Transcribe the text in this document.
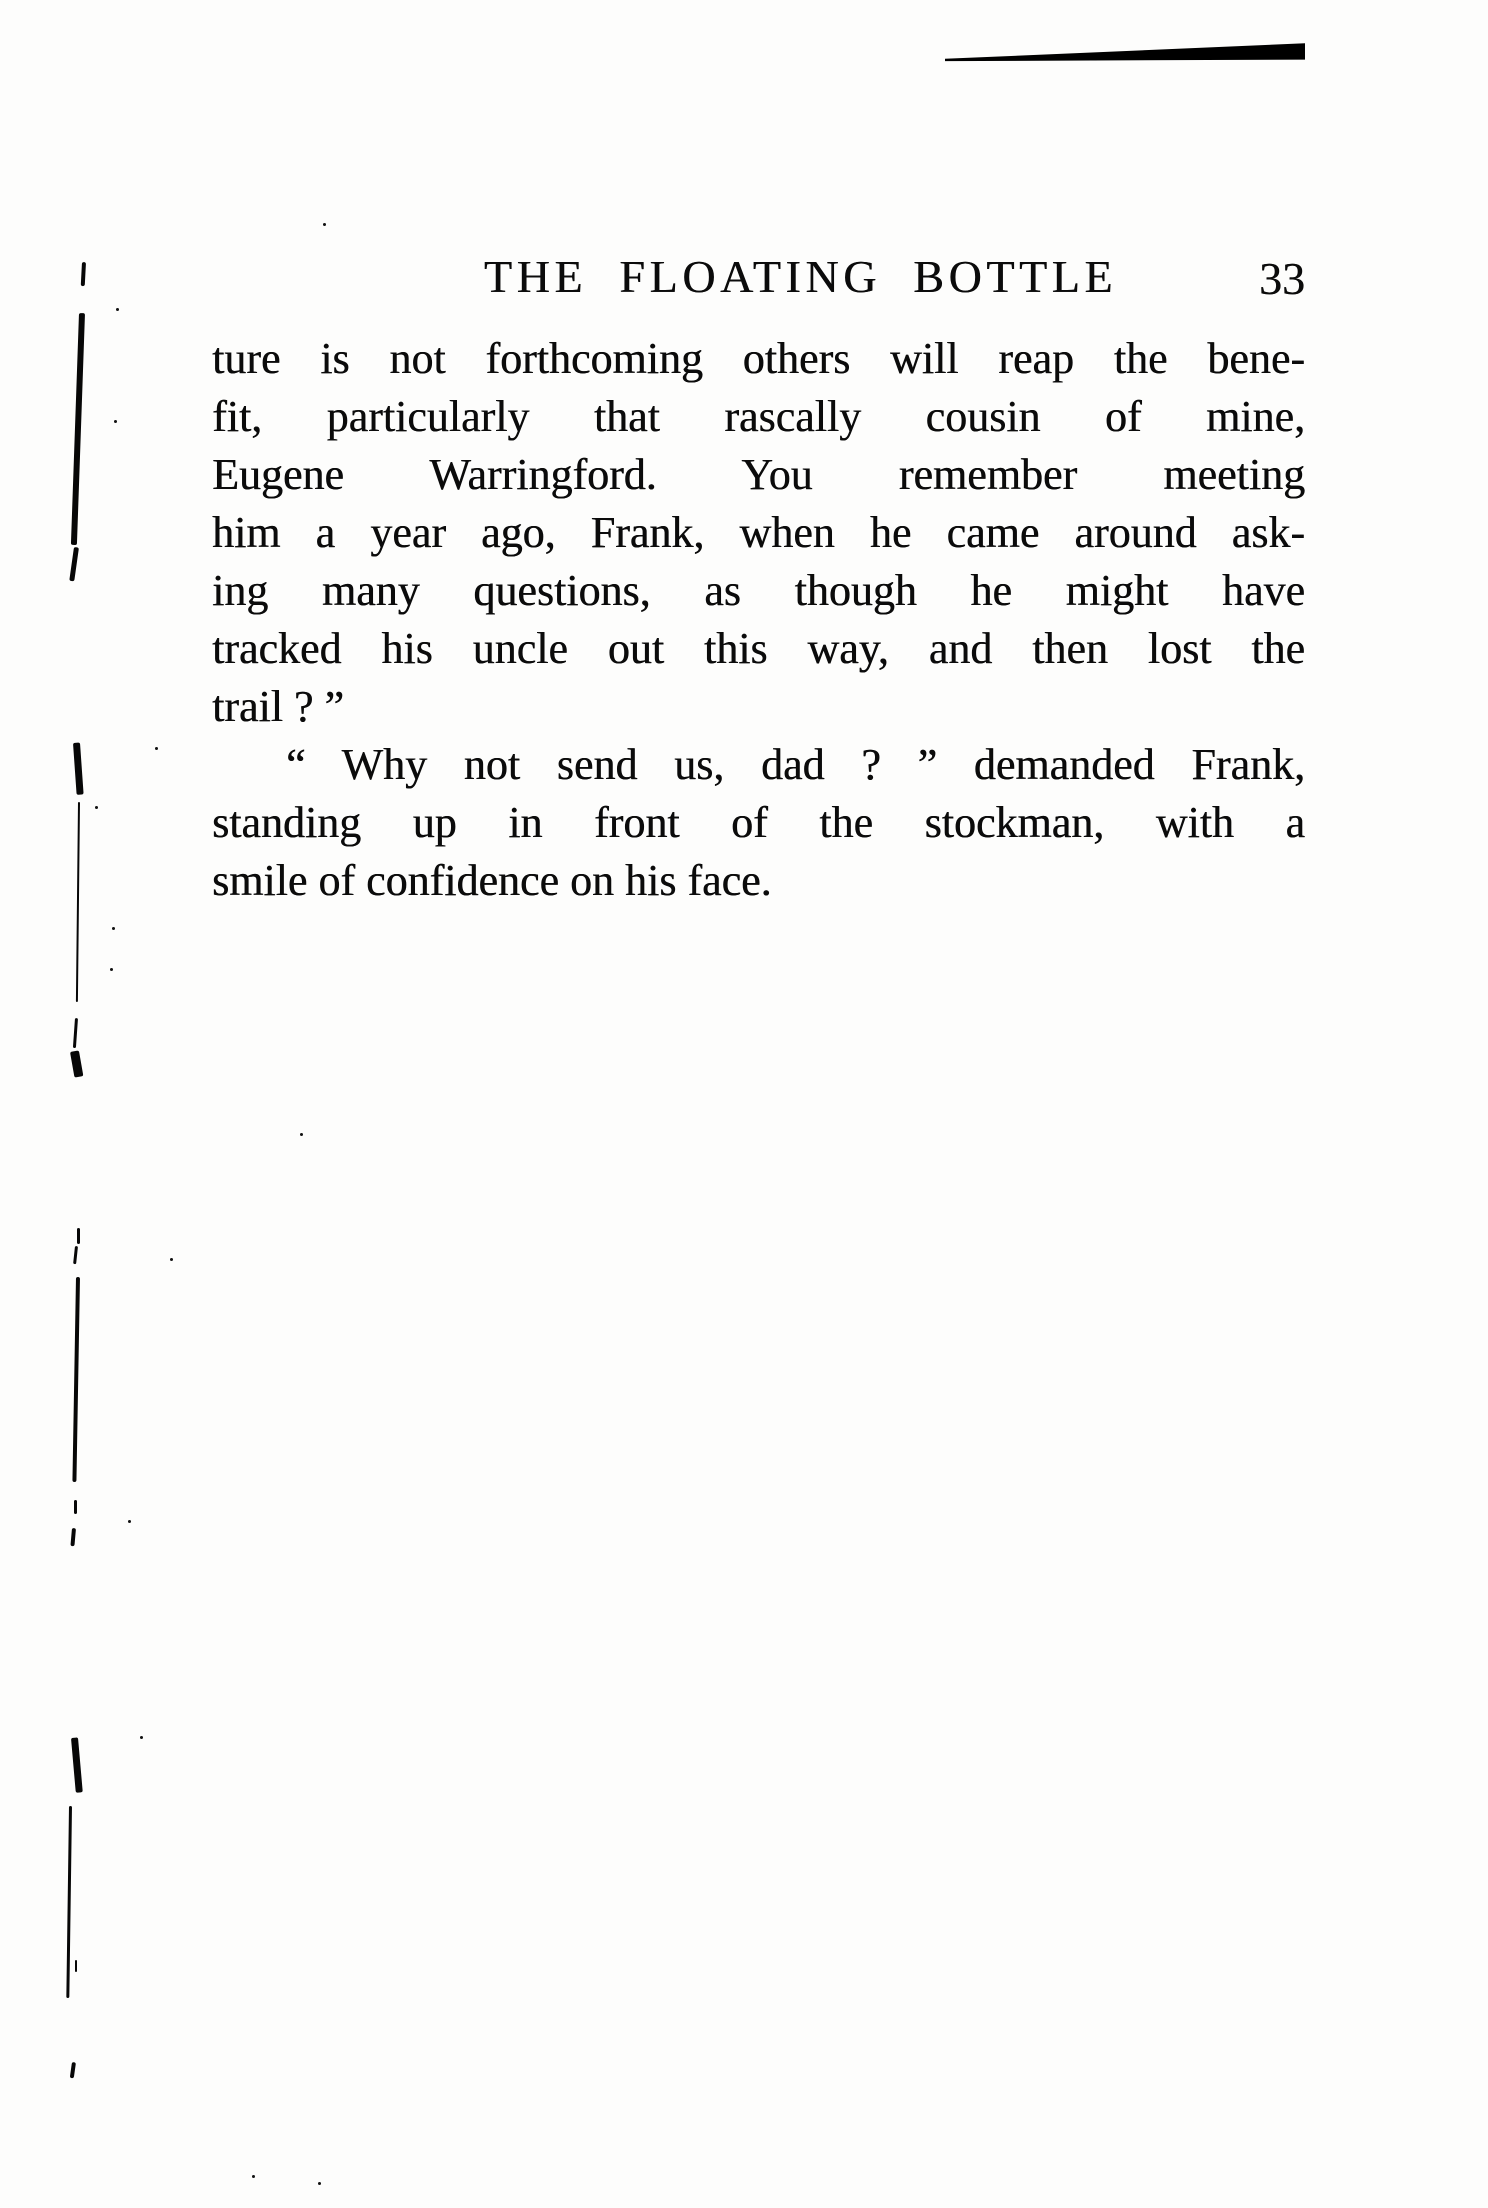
THE FLOATING BOTTLE	33
ture is not forthcoming others will reap the bene-
fit, particularly that rascally cousin of mine,
Eugene Warringford. You remember meeting
him a year ago, Frank, when he came around ask-
ing many questions, as though he might have
tracked his uncle out this way, and then lost the
trail ? ”
“ Why not send us, dad ? ” demanded Frank,
standing up in front of the stockman, with a
smile of confidence on his face.
